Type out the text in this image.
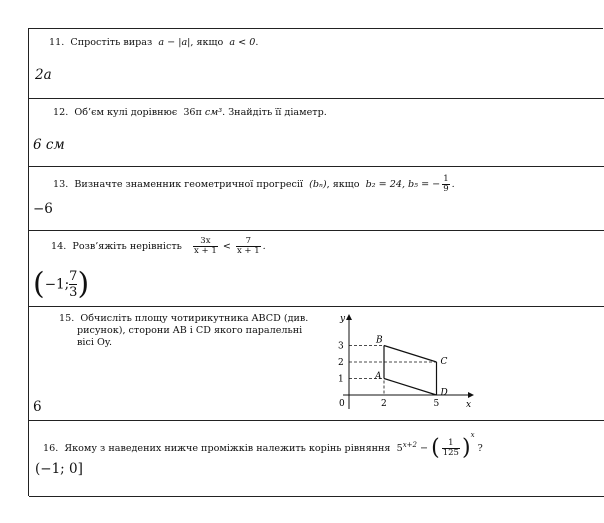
11. Спростіть вираз a − |a|, якщо a < 0.
2a
12. Об’єм кулі дорівнює 36π см³. Знайдіть її діаметр.
6 см
13. Визначте знаменник геометричної прогресії (bₙ), якщо b₂ = 24, b₅ = − $\frac{1}{9}$ .
−6
14. Розв’яжіть нерівність $\frac{3x}{x + 1} < \frac{7}{x + 1}$ .
(−1; $\frac{7}{3}$ )
15. Обчисліть площу чотирикутника ABCD (див.
рисунок), сторони AB і CD якого паралельні
вісі Oy.
6	2	5
1
2
3
0	x
y
A
B
C
D
16. Якому з наведених нижче проміжків належить корінь рівняння $5^{x+2}$ − ( $\frac{1}{125} )^x$ ?
(−1; 0]
